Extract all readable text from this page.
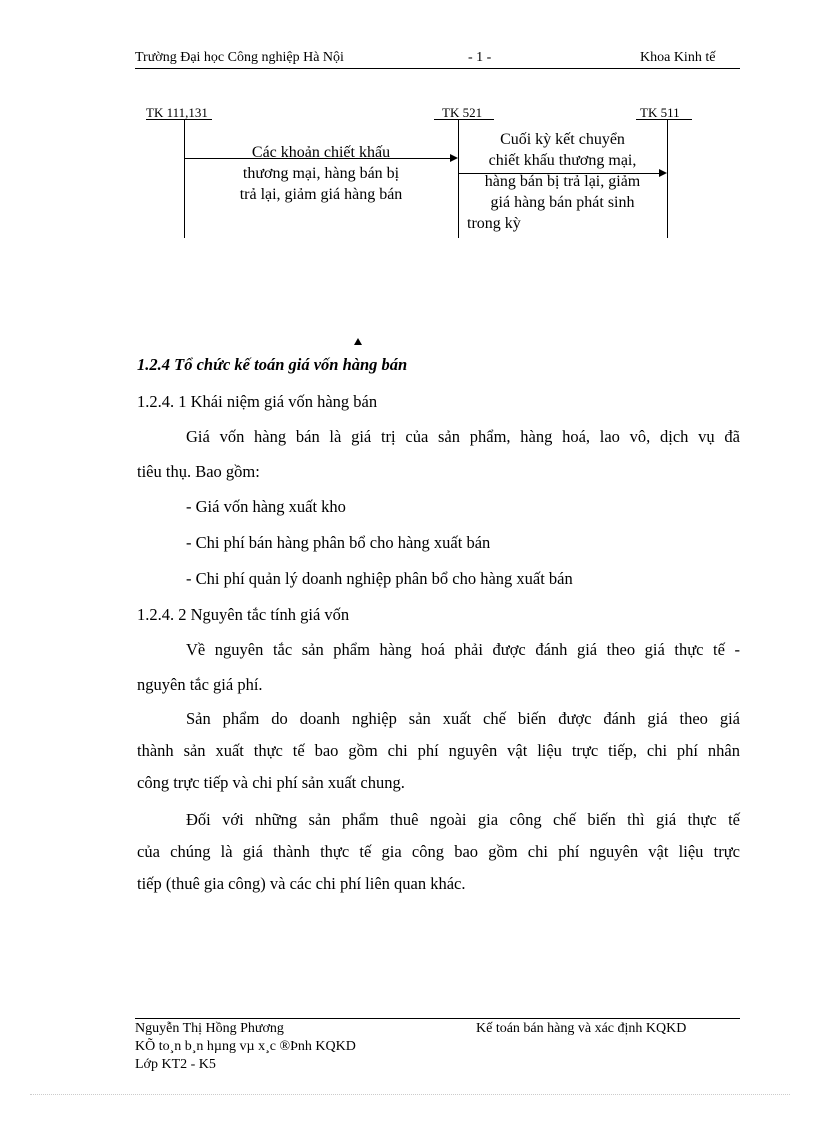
Trường Đại học Công nghiệp Hà Nội	- 1 -	Khoa Kinh tế
TK 111,131	TK 521	TK 511
Các khoản chiết khấu
thương mại, hàng bán bị
trả lại, giảm giá hàng bán
Cuối kỳ kết chuyển
chiết khấu thương mại,
hàng bán bị trả lại, giảm
giá hàng bán phát sinh
trong kỳ
1.2.4 Tổ chức kế toán giá vốn hàng bán
1.2.4. 1 Khái niệm giá vốn hàng bán
Giá vốn hàng bán là giá trị của sản phẩm, hàng hoá, lao vô, dịch vụ đã
tiêu thụ. Bao gồm:
- Giá vốn hàng xuất kho
- Chi phí bán hàng phân bổ cho hàng xuất bán
- Chi phí quản lý doanh nghiệp phân bổ cho hàng xuất bán
1.2.4. 2 Nguyên tắc tính giá vốn
Về nguyên tắc sản phẩm hàng hoá phải được đánh giá theo giá thực tế -
nguyên tắc giá phí.
Sản phẩm do doanh nghiệp sản xuất chế biến được đánh giá theo giá
thành sản xuất thực tế bao gồm chi phí nguyên vật liệu trực tiếp, chi phí nhân
công trực tiếp và chi phí sản xuất chung.
Đối với những sản phẩm thuê ngoài gia công chế biến thì giá thực tế
của chúng là giá thành thực tế gia công bao gồm chi phí nguyên vật liệu trực
tiếp (thuê gia công) và các chi phí liên quan khác.
Nguyễn Thị Hồng Phương	Kế toán bán hàng và xác định KQKD
KÕ to¸n b¸n hµng vµ x¸c ®Þnh KQKD
Lớp KT2 - K5
